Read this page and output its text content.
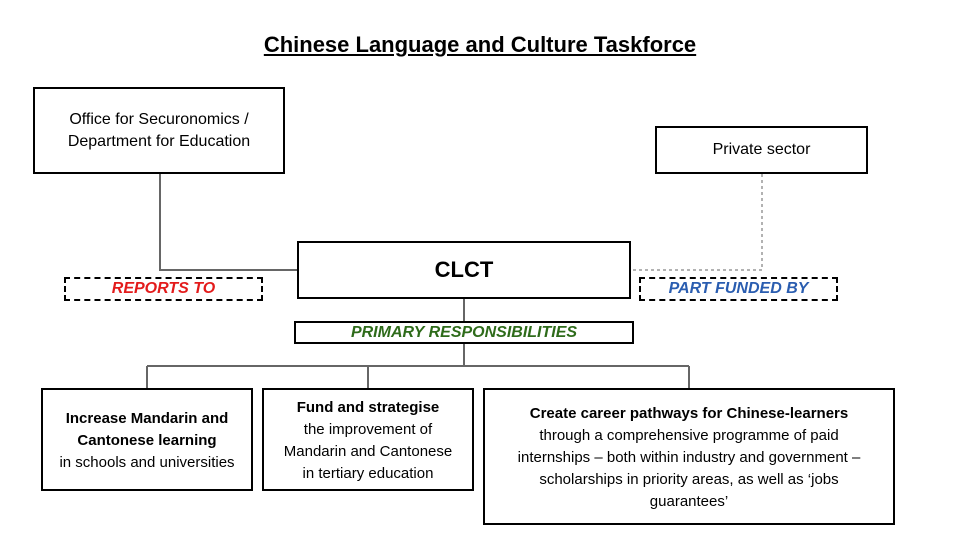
Chinese Language and Culture Taskforce
Office for Securonomics /
Department for Education	Private sector
CLCT
REPORTS TO	PART FUNDED BY
PRIMARY RESPONSIBILITIES
Increase Mandarin and
Cantonese learning
in schools and universities
Fund and strategise
the improvement of
Mandarin and Cantonese
in tertiary education
Create career pathways for Chinese-learners
through a comprehensive programme of paid
internships – both within industry and government –
scholarships in priority areas, as well as ‘jobs
guarantees’
